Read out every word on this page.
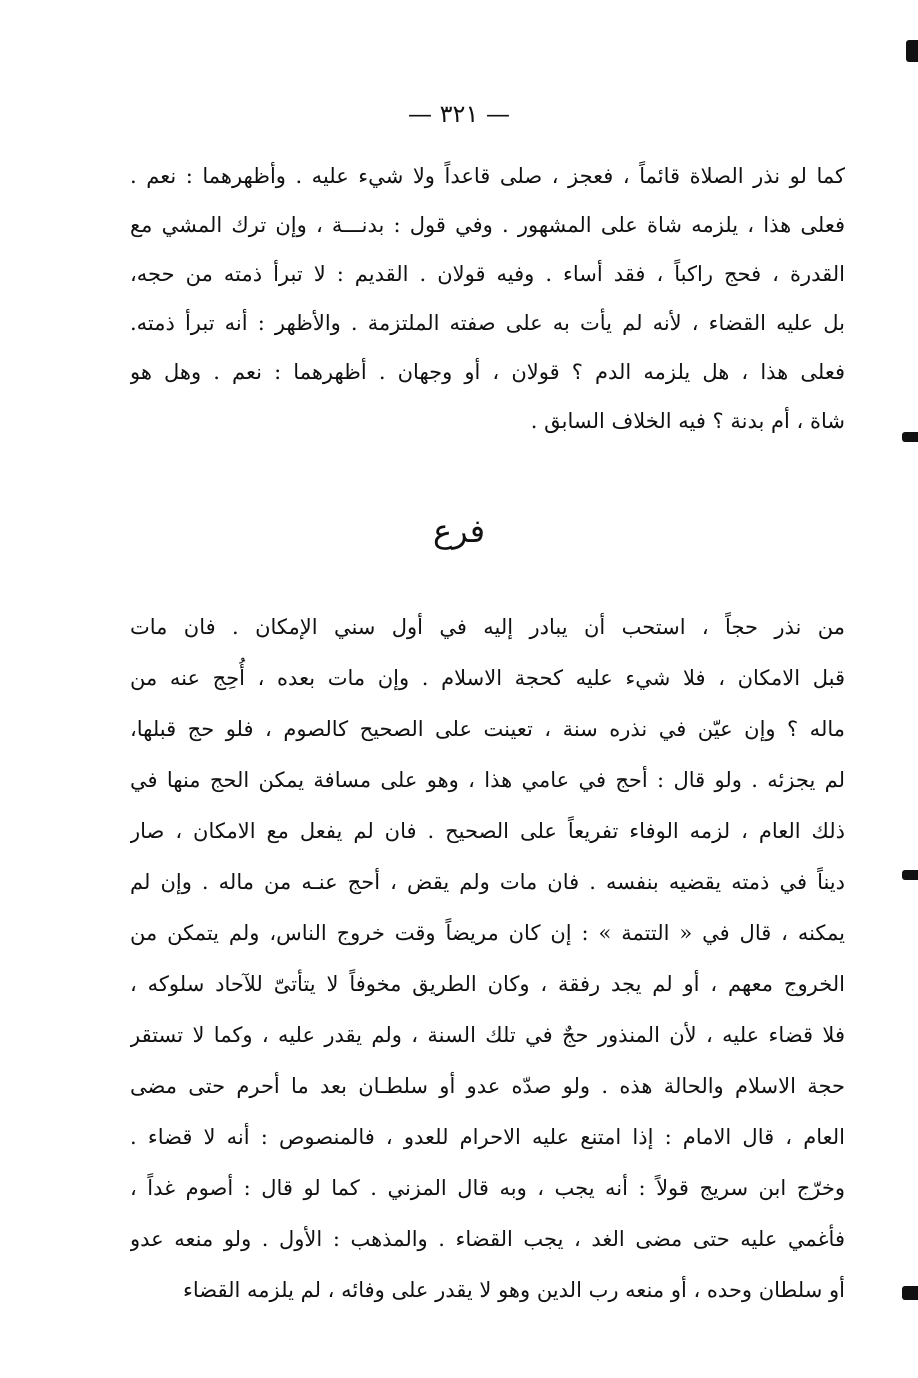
— ٣٢١ —
كما لو نذر الصلاة قائماً ، فعجز ، صلى قاعداً ولا شيء عليه . وأظهرهما : نعم .
فعلى هذا ، يلزمه شاة على المشهور . وفي قول : بدنـــة ، وإن ترك المشي مع
القدرة ، فحج راكباً ، فقد أساء . وفيه قولان . القديم : لا تبرأ ذمته من حجه،
بل عليه القضاء ، لأنه لم يأت به على صفته الملتزمة . والأظهر : أنه تبرأ ذمته.
فعلى هذا ، هل يلزمه الدم ؟ قولان ، أو وجهان . أظهرهما : نعم . وهل هو
شاة ، أم بدنة ؟ فيه الخلاف السابق .
فرع
من نذر حجاً ، استحب أن يبادر إليه في أول سني الإمكان . فان مات
قبل الامكان ، فلا شيء عليه كحجة الاسلام . وإن مات بعده ، أُحِج عنه من
ماله ؟ وإن عيّن في نذره سنة ، تعينت على الصحيح كالصوم ، فلو حج قبلها،
لم يجزئه . ولو قال : أحج في عامي هذا ، وهو على مسافة يمكن الحج منها في
ذلك العام ، لزمه الوفاء تفريعاً على الصحيح . فان لم يفعل مع الامكان ، صار
ديناً في ذمته يقضيه بنفسه . فان مات ولم يقض ، أحج عنـه من ماله . وإن لم
يمكنه ، قال في « التتمة » : إن كان مريضاً وقت خروج الناس، ولم يتمكن من
الخروج معهم ، أو لم يجد رفقة ، وكان الطريق مخوفاً لا يتأتىّ للآحاد سلوكه ،
فلا قضاء عليه ، لأن المنذور حجٌ في تلك السنة ، ولم يقدر عليه ، وكما لا تستقر
حجة الاسلام والحالة هذه . ولو صدّه عدو أو سلطـان بعد ما أحرم حتى مضى
العام ، قال الامام : إذا امتنع عليه الاحرام للعدو ، فالمنصوص : أنه لا قضاء .
وخرّج ابن سريج قولاً : أنه يجب ، وبه قال المزني . كما لو قال : أصوم غداً ،
فأغمي عليه حتى مضى الغد ، يجب القضاء . والمذهب : الأول . ولو منعه عدو
أو سلطان وحده ، أو منعه رب الدين وهو لا يقدر على وفائه ، لم يلزمه القضاء
